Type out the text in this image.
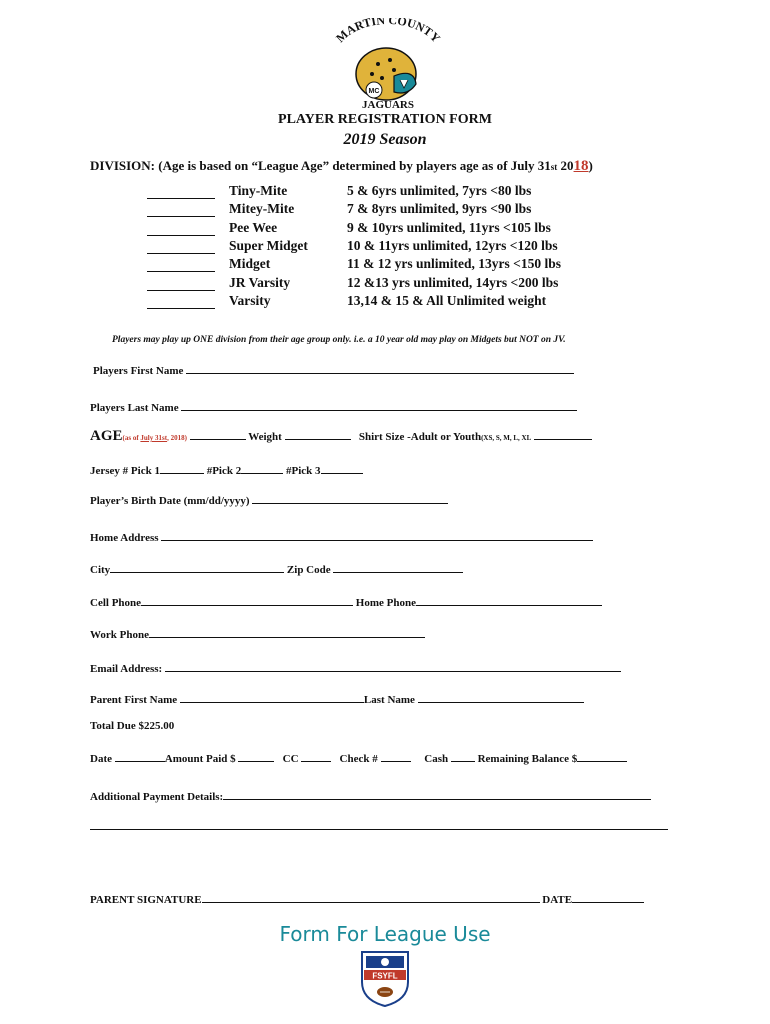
MARTIN COUNTY
MC
JAGUARS
PLAYER REGISTRATION FORM
2019 Season
DIVISION: (Age is based on “League Age” determined by players age as of July 31st 2018)
Tiny-Mite	5 & 6yrs unlimited, 7yrs <80 lbs
Mitey-Mite	7 & 8yrs unlimited, 9yrs <90 lbs
Pee Wee	9 & 10yrs unlimited, 11yrs <105 lbs
Super Midget	10 & 11yrs unlimited, 12yrs <120 lbs
Midget	11 & 12 yrs unlimited, 13yrs <150 lbs
JR Varsity	12 &13 yrs unlimited, 14yrs <200 lbs
Varsity	13,14 & 15 & All Unlimited weight
Players may play up ONE division from their age group only. i.e. a 10 year old may play on Midgets but NOT on JV.
Players First Name
Players Last Name
AGE(as of July 31st, 2018)	Weight	Shirt Size -Adult or Youth(XS, S, M, L, XL
Jersey # Pick 1	#Pick 2	#Pick 3
Player’s Birth Date (mm/dd/yyyy)
Home Address
City	Zip Code
Cell Phone	Home Phone
Work Phone
Email Address:
Parent First Name	Last Name
Total Due $225.00
Date	Amount Paid $	CC	Check #	Cash	Remaining Balance $
Additional Payment Details:
PARENT SIGNATURE	DATE
Form For League Use
FSYFL
